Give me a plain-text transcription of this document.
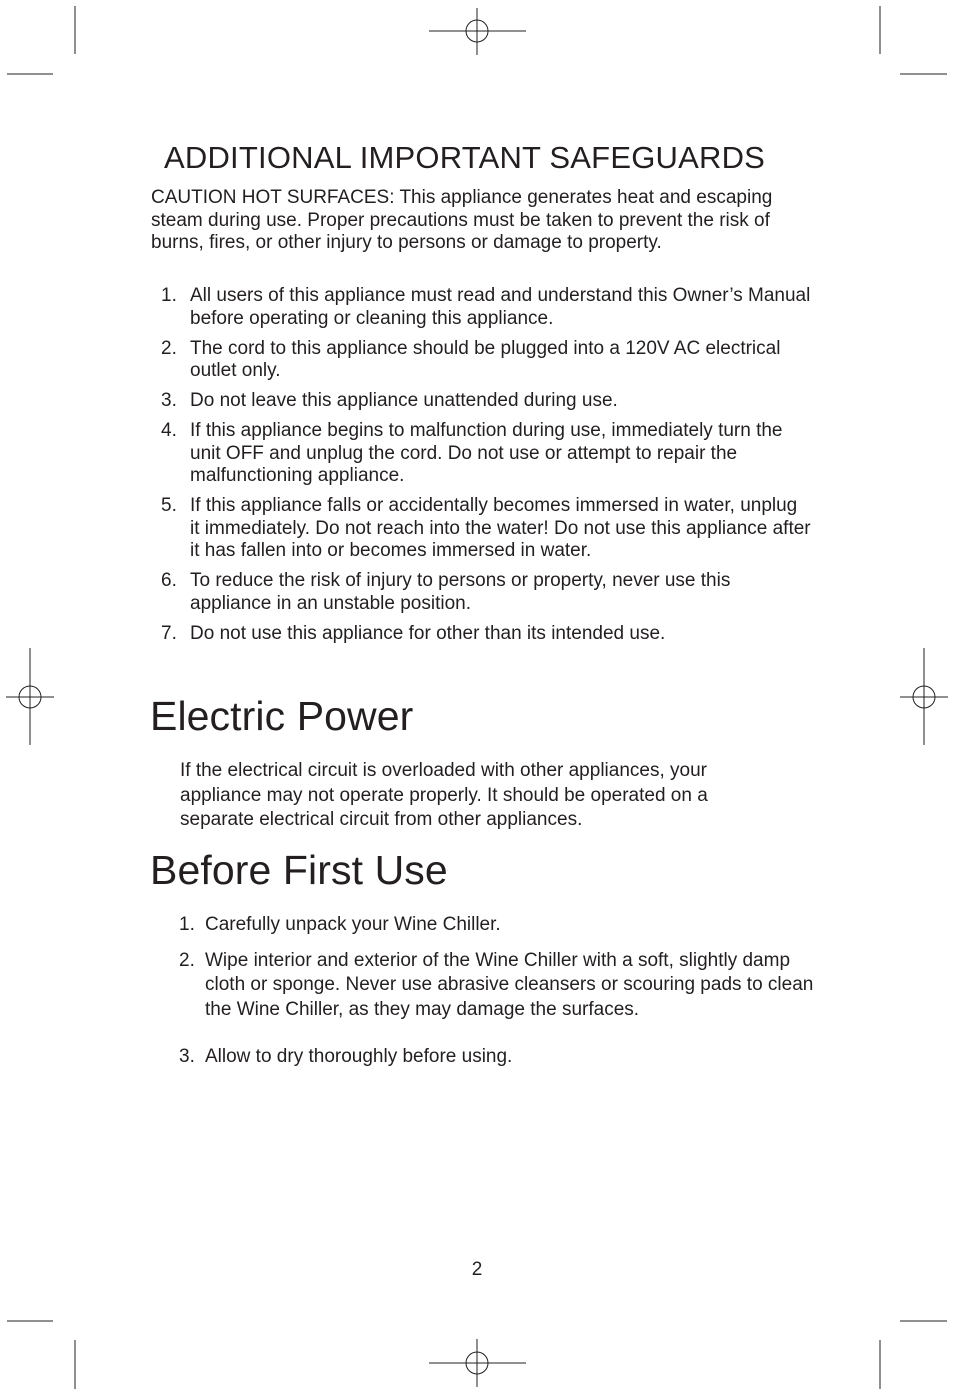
ADDITIONAL IMPORTANT SAFEGUARDS

CAUTION HOT SURFACES: This appliance generates heat and escaping steam during use. Proper precautions must be taken to prevent the risk of burns, fires, or other injury to persons or damage to property.

1. All users of this appliance must read and understand this Owner’s Manual before operating or cleaning this appliance.
2. The cord to this appliance should be plugged into a 120V AC electrical outlet only.
3. Do not leave this appliance unattended during use.
4. If this appliance begins to malfunction during use, immediately turn the unit OFF and unplug the cord. Do not use or attempt to repair the malfunctioning appliance.
5. If this appliance falls or accidentally becomes immersed in water, unplug it immediately. Do not reach into the water! Do not use this appliance after it has fallen into or becomes immersed in water.
6. To reduce the risk of injury to persons or property, never use this appliance in an unstable position.
7. Do not use this appliance for other than its intended use.
Electric Power

If the electrical circuit is overloaded with other appliances, your appliance may not operate properly. It should be operated on a separate electrical circuit from other appliances.

Before First Use
1. Carefully unpack your Wine Chiller.
2. Wipe interior and exterior of the Wine Chiller with a soft, slightly damp cloth or sponge. Never use abrasive cleansers or scouring pads to clean the Wine Chiller, as they may damage the surfaces.
3. Allow to dry thoroughly before using.
2
